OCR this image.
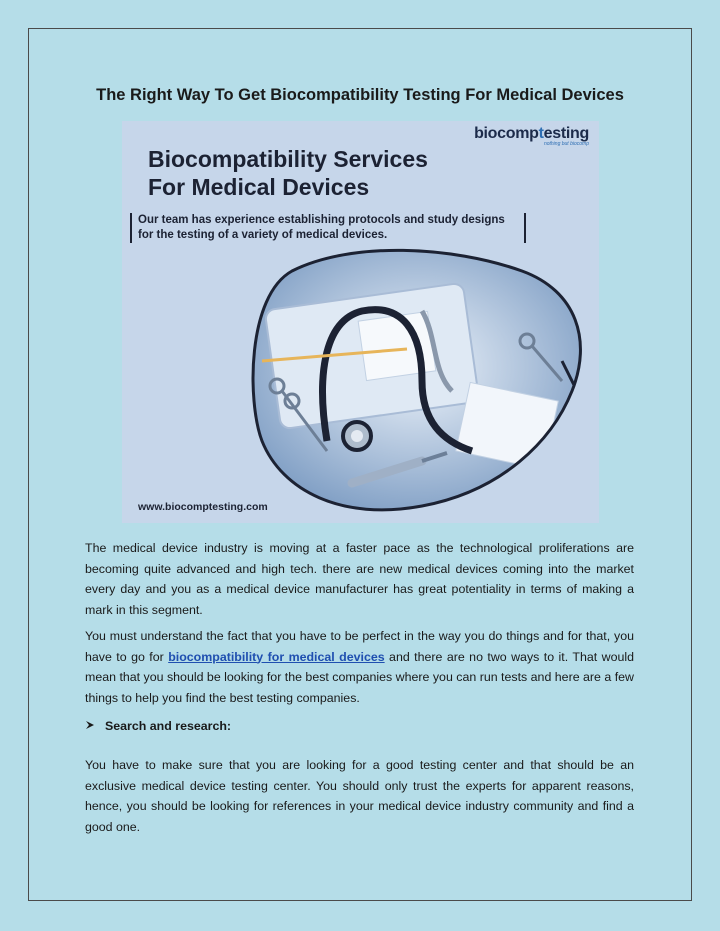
The Right Way To Get Biocompatibility Testing For Medical Devices
biocomptesting
nothing but biocomp
Biocompatibility Services
For Medical Devices
Our team has experience establishing protocols and study designs for the testing of a variety of medical devices.
www.biocomptesting.com
The medical device industry is moving at a faster pace as the technological proliferations are becoming quite advanced and high tech. there are new medical devices coming into the market every day and you as a medical device manufacturer has great potentiality in terms of making a mark in this segment.
You must understand the fact that you have to be perfect in the way you do things and for that, you have to go for biocompatibility for medical devices and there are no two ways to it. That would mean that you should be looking for the best companies where you can run tests and here are a few things to help you find the best testing companies.
Search and research:
You have to make sure that you are looking for a good testing center and that should be an exclusive medical device testing center. You should only trust the experts for apparent reasons, hence, you should be looking for references in your medical device industry community and find a good one.
